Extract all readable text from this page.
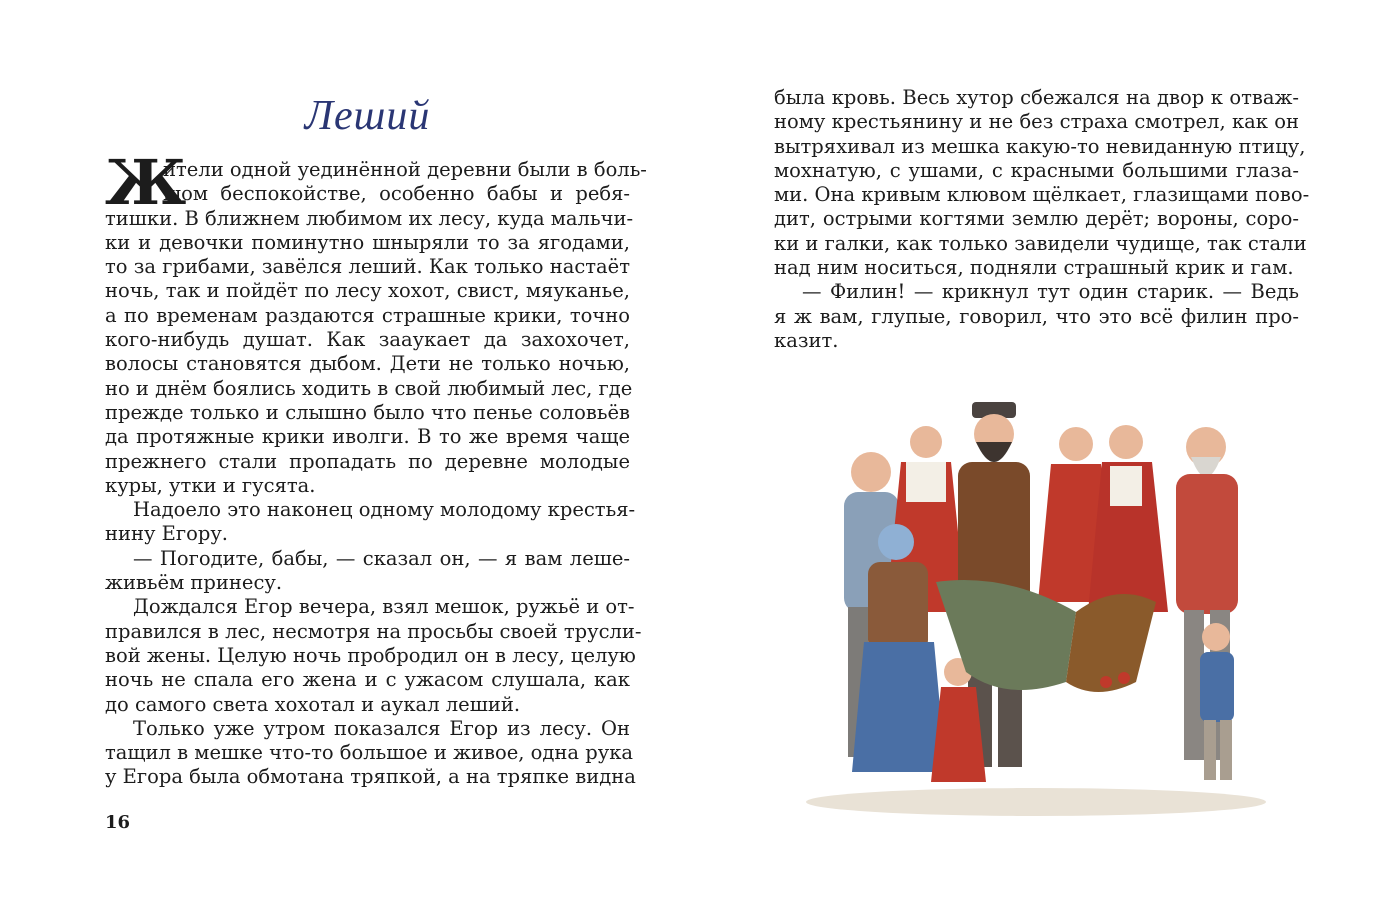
Леший
Ж
ители одной уединённой деревни были в боль-
шом беспокойстве, особенно бабы и ребя-
тишки. В ближнем любимом их лесу, куда мальчи-
ки и девочки поминутно шныряли то за ягодами,
то за грибами, завёлся леший. Как только настаёт
ночь, так и пойдёт по лесу хохот, свист, мяуканье,
а по временам раздаются страшные крики, точно
кого-нибудь душат. Как зааукает да захохочет,
волосы становятся дыбом. Дети не только ночью,
но и днём боялись ходить в свой любимый лес, где
прежде только и слышно было что пенье соловьёв
да протяжные крики иволги. В то же время чаще
прежнего стали пропадать по деревне молодые
куры, утки и гусята.
Надоело это наконец одному молодому крестья-
нину Егору.
— Погодите, бабы, — сказал он, — я вам леше-
живьём принесу.
Дождался Егор вечера, взял мешок, ружьё и от-
правился в лес, несмотря на просьбы своей трусли-
вой жены. Целую ночь пробродил он в лесу, целую
ночь не спала его жена и с ужасом слушала, как
до самого света хохотал и аукал леший.
Только уже утром показался Егор из лесу. Он
тащил в мешке что-то большое и живое, одна рука
у Егора была обмотана тряпкой, а на тряпке видна
16
была кровь. Весь хутор сбежался на двор к отваж-
ному крестьянину и не без страха смотрел, как он
вытряхивал из мешка какую-то невиданную птицу,
мохнатую, с ушами, с красными большими глаза-
ми. Она кривым клювом щёлкает, глазищами пово-
дит, острыми когтями землю дерёт; вороны, соро-
ки и галки, как только завидели чудище, так стали
над ним носиться, подняли страшный крик и гам.
— Филин! — крикнул тут один старик. — Ведь
я ж вам, глупые, говорил, что это всё филин про-
казит.
